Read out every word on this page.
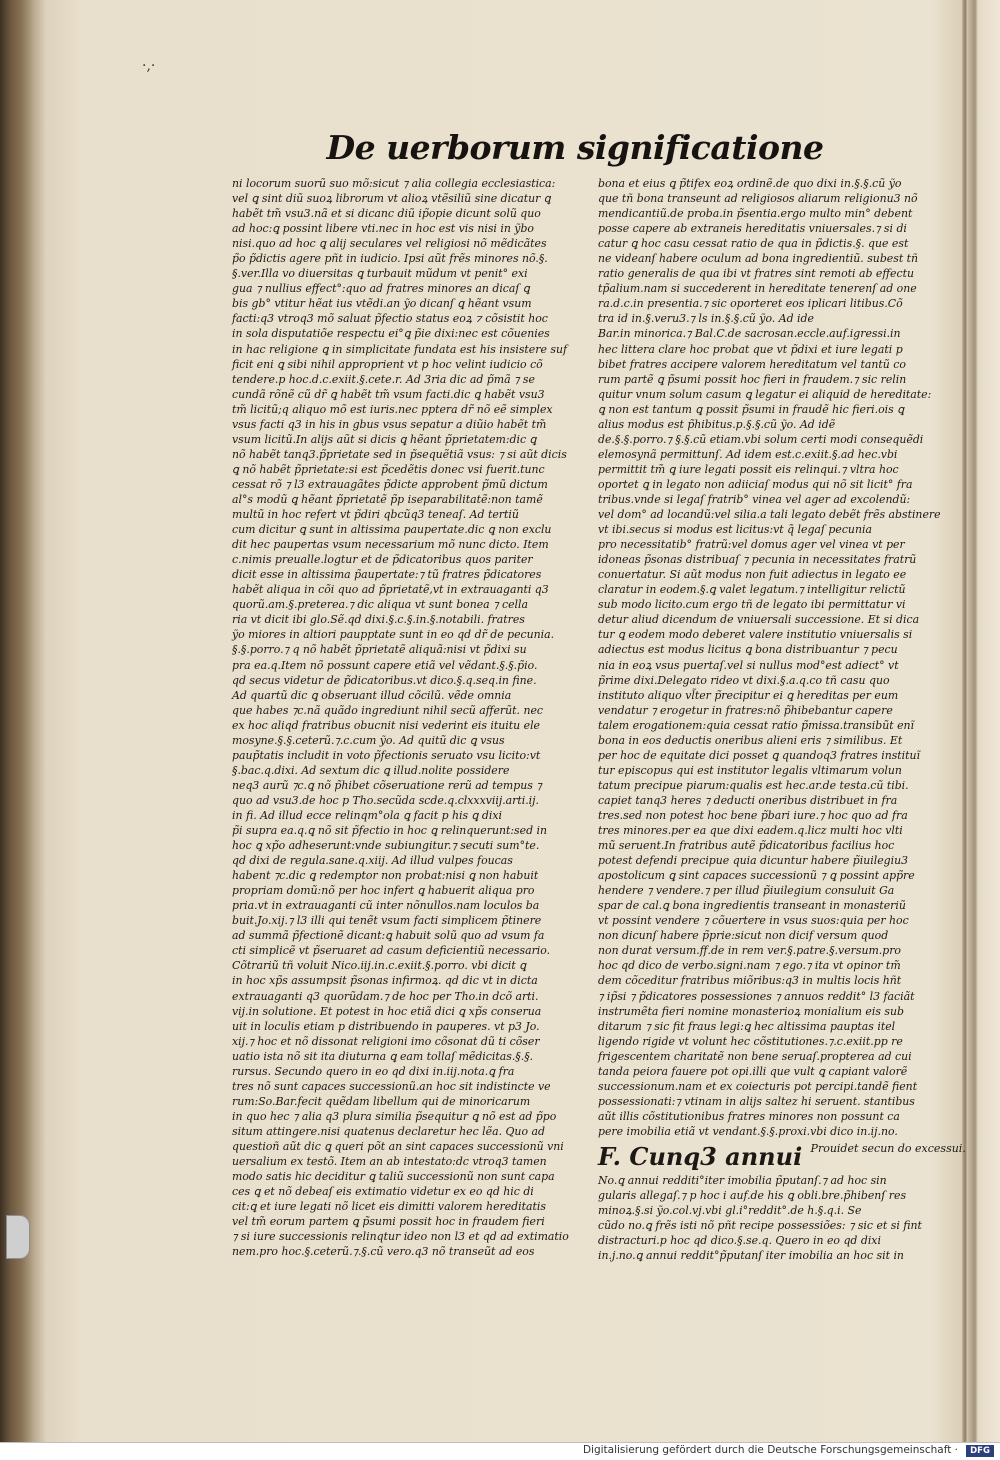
·,·
De uerborum significatione
ni locorum suorũ suo mõ:sicut ⁊ alia collegia ecclesiastica:
vel ꝗ sint diũ suoꝝ librorum vt alioꝝ vtẽsiliũ sine dicatur ꝗ
habẽt tm̃ vsu3.nã et si dicanc diũ ip̃opie dicunt solũ quo
ad hoc:ꝗ possint libere vti.nec in hoc est vis nisi in ỹbo
nisi.quo ad hoc ꝗ alij seculares vel religiosi nõ mẽdicãtes
p̃o p̃dictis agere pñt in iudicio. Ipsi aũt frẽs minores nõ.§.
§.ver.Illa vo diuersitas ꝗ turbauit mũdum vt penit° exi
gua ⁊ nullius effect°:quo ad fratres minores an dicaſ ꝗ
bis gb° vtitur hẽat ius vtẽdi.an ỹo dicanſ ꝗ hẽant vsum
facti:q3 vtroq3 mõ saluat p̃fectio status eoꝝ ⁊ cõsistit hoc
in sola disputatiõe respectu ei°ꝗ p̃ie dixi:nec est cõuenies
in hac religione ꝗ in simplicitate fundata est his insistere suf
ficit eni ꝗ sibi nihil approprient vt p hoc velint iudicio cõ
tendere.p hoc.d.c.exiit.§.cete.r. Ad 3ria dic ad p̃mã ⁊ se
cundã rõnẽ cũ dr̃ ꝗ habẽt tm̃ vsum facti.dic ꝗ habẽt vsu3
tm̃ licitũ;q aliquo mõ est iuris.nec pptera dr̃ nõ eẽ simplex
vsus facti q3 in his in gbus vsus sepatur a diũio habẽt tm̃
vsum licitũ.In alijs aũt si dicis ꝗ hẽant p̃prietatem:dic ꝗ
nõ habẽt tanq3.p̃prietate sed in p̃sequẽtiã vsus: ⁊ si aũt dicis
ꝗ nõ habẽt p̃prietate:si est p̃cedẽtis donec vsi fuerit.tunc
cessat rõ ⁊ l3 extrauagãtes p̃dicte approbent p̃mũ dictum
al°s modũ ꝗ hẽant p̃prietatẽ p̃p iseparabilitatẽ:non tamẽ
multũ in hoc refert vt p̃diri qbcũq3 teneaſ. Ad tertiũ
cum dicitur ꝗ sunt in altissima paupertate.dic ꝗ non exclu
dit hec paupertas vsum necessarium mõ nunc dicto. Item
c.nimis preualle.logtur et de p̃dicatoribus quos pariter
dicit esse in altissima p̃aupertate:⁊ tũ fratres p̃dicatores
habẽt aliqua in cõi quo ad p̃prietatẽ,vt in extrauaganti q3
quorũ.am.§.preterea.⁊ dic aliqua vt sunt bonea ⁊ cella
ria vt dicit ibi glo.Sẽ.qd dixi.§.c.§.in.§.notabili. fratres
ỹo miores in altiori paupptate sunt in eo qd dr̃ de pecunia.
§.§.porro.⁊ q nõ habẽt p̃prietatẽ aliquã:nisi vt p̃dixi su
pra ea.q.Item nõ possunt capere etiã vel vẽdant.§.§.p̃io.
qd secus videtur de p̃dicatoribus.vt dico.§.q.seq.in fine.
Ad quartũ dic ꝗ obseruant illud cõcilũ. vẽde omnia
que habes ⁊c.nã quãdo ingrediunt nihil secũ afferũt. nec
ex hoc aliqd fratribus obucnit nisi vederint eis ituitu ele
mosyne.§.§.ceterũ.⁊.c.cum ỹo. Ad quitũ dic ꝗ vsus
paup̃tatis includit in voto p̃fectionis seruato vsu licito:vt
§.bac.q.dixi. Ad sextum dic ꝗ illud.nolite possidere
neq3 aurũ ⁊c.ꝗ nõ p̃hibet cõseruatione rerũ ad tempus ⁊
quo ad vsu3.de hoc p Tho.secũda scde.q.clxxxviij.arti.ij.
in fi. Ad illud ecce relinqm°ola ꝗ facit p his ꝗ dixi
p̃i supra ea.q.ꝗ nõ sit p̃fectio in hoc ꝗ relinquerunt:sed in
hoc ꝗ xp̃o adheserunt:vnde subiungitur.⁊ secuti sum°te.
qd dixi de regula.sane.q.xiij. Ad illud vulpes foucas
habent ⁊c.dic ꝗ redemptor non probat:nisi ꝗ non habuit
propriam domũ:nõ per hoc infert ꝗ habuerit aliqua pro
pria.vt in extrauaganti cũ inter nõnullos.nam loculos ba
buit.Jo.xij.⁊ l3 illi qui tenẽt vsum facti simplicem p̃tinere
ad summã p̃fectionẽ dicant:ꝗ habuit solũ quo ad vsum fa
cti simplicẽ vt p̃seruaret ad casum deficientiũ necessario.
Cõtrariũ tñ voluit Nico.iij.in.c.exiit.§.porro. vbi dicit ꝗ
in hoc xp̃s assumpsit p̃sonas infirmoꝝ. qd dic vt in dicta
extrauaganti q3 quorũdam.⁊ de hoc per Tho.in dcõ arti.
vij.in solutione. Et potest in hoc etiã dici ꝗ xp̃s conserua
uit in loculis etiam p distribuendo in pauperes. vt p3 Jo.
xij.⁊ hoc et nõ dissonat religioni imo cõsonat dũ ti cõser
uatio ista nõ sit ita diuturna ꝗ eam tollaſ mẽdicitas.§.§.
rursus. Secundo quero in eo qd dixi in.iij.nota.ꝗ fra
tres nõ sunt capaces successionũ.an hoc sit indistincte ve
rum:So.Bar.fecit quẽdam libellum qui de minoricarum
in quo hec ⁊ alia q3 plura similia p̃sequitur ꝗ nõ est ad p̃po
situm attingere.nisi quatenus declaretur hec lẽa. Quo ad
questioñ aũt dic ꝗ queri põt an sint capaces successionũ vni
uersalium ex testõ. Item an ab intestato:dc vtroq3 tamen
modo satis hic deciditur ꝗ taliũ successionũ non sunt capa
ces ꝗ et nõ debeaſ eis extimatio videtur ex eo qd hic di
cit:ꝗ et iure legati nõ licet eis dimitti valorem hereditatis
vel tm̃ eorum partem ꝗ p̃sumi possit hoc in fraudem fieri
⁊ si iure successionis relinqtur ideo non l3 et qd ad extimatio
nem.pro hoc.§.ceterũ.⁊.§.cũ vero.q3 nõ transeũt ad eos
bona et eius ꝗ p̃tifex eoꝝ ordinẽ.de quo dixi in.§.§.cũ ỹo
que tñ bona transeunt ad religiosos aliarum religionu3 nõ
mendicantiũ.de proba.in p̃sentia.ergo multo min° debent
posse capere ab extraneis hereditatis vniuersales.⁊ si di
catur ꝗ hoc casu cessat ratio de qua in p̃dictis.§. que est
ne videanſ habere oculum ad bona ingredientiũ. subest tñ
ratio generalis de qua ibi vt fratres sint remoti ab effectu
tp̃alium.nam si succederent in hereditate tenerenſ ad one
ra.d.c.in presentia.⁊ sic oporteret eos iplicari litibus.Cõ
tra id in.§.veru3.⁊ ls in.§.§.cũ ỹo. Ad ide
Bar.in minorica.⁊ Bal.C.de sacrosan.eccle.auf.igressi.in
hec littera clare hoc probat que vt p̃dixi et iure legati p
bibet fratres accipere valorem hereditatum vel tantũ co
rum partẽ ꝗ p̃sumi possit hoc fieri in fraudem.⁊ sic relin
quitur vnum solum casum ꝗ legatur ei aliquid de hereditate:
ꝗ non est tantum ꝗ possit p̃sumi in fraudẽ hic fieri.ois ꝗ
alius modus est p̃hibitus.p.§.§.cũ ỹo. Ad idẽ
de.§.§.porro.⁊ §.§.cũ etiam.vbi solum certi modi consequẽdi
elemosynã permittunſ. Ad idem est.c.exiit.§.ad hec.vbi
permittit tm̃ ꝗ iure legati possit eis relinqui.⁊ vltra hoc
oportet ꝗ in legato non adiiciaſ modus qui nõ sit licit° fra
tribus.vnde si legaſ fratrib° vinea vel ager ad excolendũ:
vel dom° ad locandũ:vel silia.a tali legato debẽt frẽs abstinere
vt ibi.secus si modus est licitus:vt q̃ legaſ pecunia
pro necessitatib° fratrũ:vel domus ager vel vinea vt per
idoneas p̃sonas distribuaſ ⁊ pecunia in necessitates fratrũ
conuertatur. Si aũt modus non fuit adiectus in legato ee
claratur in eodem.§.ꝗ valet legatum.⁊ intelligitur relictũ
sub modo licito.cum ergo tñ de legato ibi permittatur vi
detur aliud dicendum de vniuersali successione. Et si dica
tur ꝗ eodem modo deberet valere institutio vniuersalis si
adiectus est modus licitus ꝗ bona distribuantur ⁊ pecu
nia in eoꝝ vsus puertaſ.vel si nullus mod°est adiect° vt
p̃rime dixi.Delegato rideo vt dixi.§.a.q.co tñ casu quo
instituto aliquo vl̃ter p̃recipitur ei ꝗ hereditas per eum
vendatur ⁊ erogetur in fratres:nõ p̃hibebantur capere
talem erogationem:quia cessat ratio p̃missa.transibũt enĩ
bona in eos deductis oneribus alieni eris ⁊ similibus. Et
per hoc de equitate dici posset ꝗ quandoq3 fratres instituĩ
tur episcopus qui est institutor legalis vltimarum volun
tatum precipue piarum:qualis est hec.ar.de testa.cũ tibi.
capiet tanq3 heres ⁊ deducti oneribus distribuet in fra
tres.sed non potest hoc bene p̃bari iure.⁊ hoc quo ad fra
tres minores.per ea que dixi eadem.q.licz multi hoc vlti
mũ seruent.In fratribus autẽ p̃dicatoribus facilius hoc
potest defendi precipue quia dicuntur habere p̃iuilegiu3
apostolicum ꝗ sint capaces successionũ ⁊ ꝗ possint app̃re
hendere ⁊ vendere.⁊ per illud p̃iuilegium consuluit Ga
spar de cal.ꝗ bona ingredientis transeant in monasteriũ
vt possint vendere ⁊ cõuertere in vsus suos:quia per hoc
non dicunſ habere p̃prie:sicut non dicif versum quod
non durat versum.ff.de in rem ver.§.patre.§.versum.pro
hoc qd dico de verbo.signi.nam ⁊ ego.⁊ ita vt opinor tm̃
dem cõceditur fratribus miõribus:q3 in multis locis hñt
⁊ ip̃si ⁊ p̃dicatores possessiones ⁊ annuos reddit° l3 faciãt
instrumẽta fieri nomine monasterioꝝ monialium eis sub
ditarum ⁊ sic fit fraus legi:ꝗ hec altissima pauptas itel
ligendo rigide vt volunt hec cõstitutiones.⁊.c.exiit.pp re
frigescentem charitatẽ non bene seruaſ.propterea ad cui
tanda peiora fauere pot opi.illi que vult ꝗ capiant valorẽ
successionum.nam et ex coiecturis pot percipi.tandẽ fient
possessionati:⁊ vtinam in alijs saltez hi seruent. stantibus
aũt illis cõstitutionibus fratres minores non possunt ca
pere imobilia etiã vt vendant.§.§.proxi.vbi dico in.ij.no.
F. Cunq3 annui $^{Prouidet secun do excessui.}$
No.ꝗ annui redditi°iter imobilia p̃putanſ.⁊ ad hoc sin
gularis allegaſ.⁊ p hoc i auf.de his ꝗ obli.bre.p̃hibenſ res
minoꝝ.§.si ỹo.col.vj.vbi gl.i°reddit°.de h.§.q.i. Se
cũdo no.ꝗ frẽs isti nõ pñt recipe possessiões: ⁊ sic et si fint
distracturi.p hoc qd dico.§.se.q. Quero in eo qd dixi
in.j.no.ꝗ annui reddit°p̃putanſ iter imobilia an hoc sit in
Digitalisierung gefördert durch die Deutsche Forschungsgemeinschaft ·	DFG
